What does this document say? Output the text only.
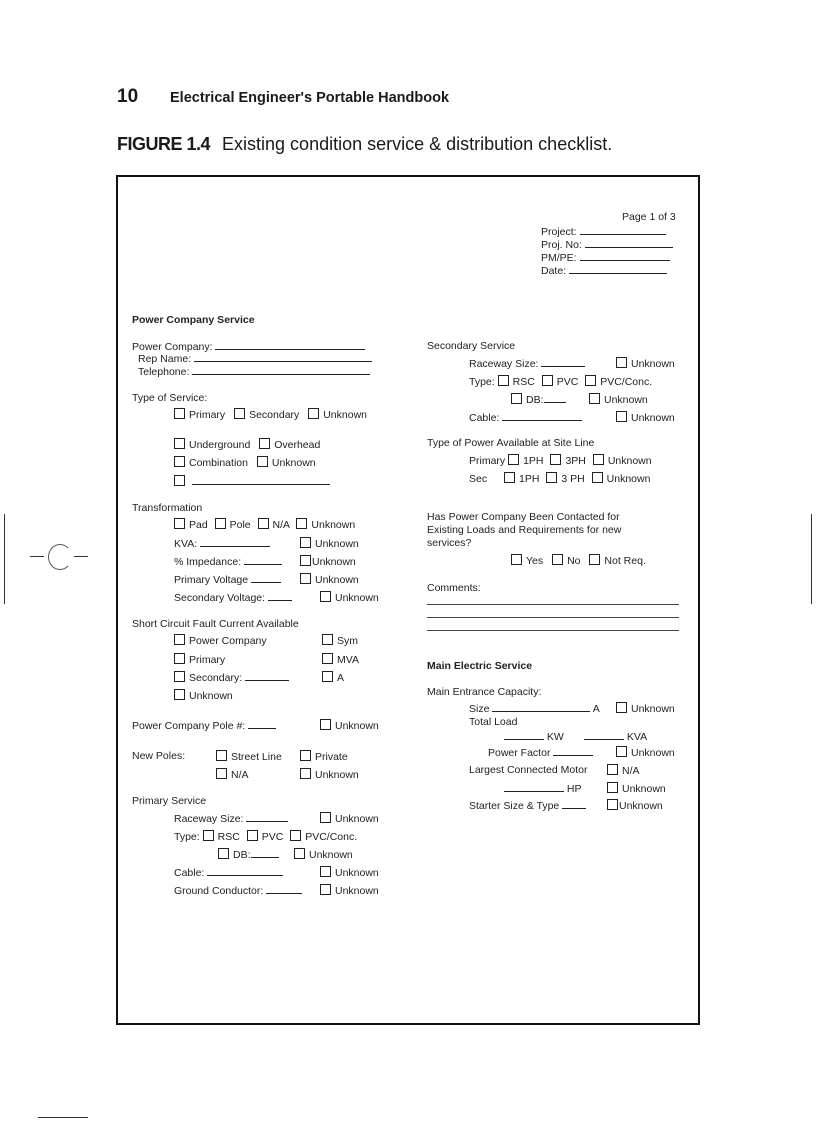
10 Electrical Engineer's Portable Handbook
FIGURE 1.4 Existing condition service & distribution checklist.
Page 1 of 3
Project:
Proj. No:
PM/PE:
Date:
Power Company Service
Power Company:
Rep Name:
Telephone:
Type of Service:
Primary Secondary Unknown
Underground Overhead
Combination Unknown

Transformation
Pad Pole N/A Unknown
KVA:	Unknown
% Impedance:	Unknown
Primary Voltage	Unknown
Secondary Voltage:	Unknown
Short Circuit Fault Current Available
Power Company	Sym
Primary	MVA
Secondary:	A
Unknown
Power Company Pole #:	Unknown
New Poles:	Street Line	Private
N/A	Unknown
Primary Service
Raceway Size:	Unknown
Type: RSC PVC PVC/Conc.
DB:	Unknown
Cable:	Unknown
Ground Conductor:	Unknown
Secondary Service
Raceway Size:	Unknown
Type: RSC PVC PVC/Conc.
DB:	Unknown
Cable:	Unknown
Type of Power Available at Site Line
Primary 1PH 3PH Unknown
Sec	1PH 3 PH Unknown
Has Power Company Been Contacted for
Existing Loads and Requirements for new
services?
Yes No Not Req.
Comments:
Main Electric Service
Main Entrance Capacity:
Size	A	Unknown
Total Load
KW	KVA
Power Factor	Unknown
Largest Connected Motor	N/A
HP	Unknown
Starter Size & Type	Unknown
